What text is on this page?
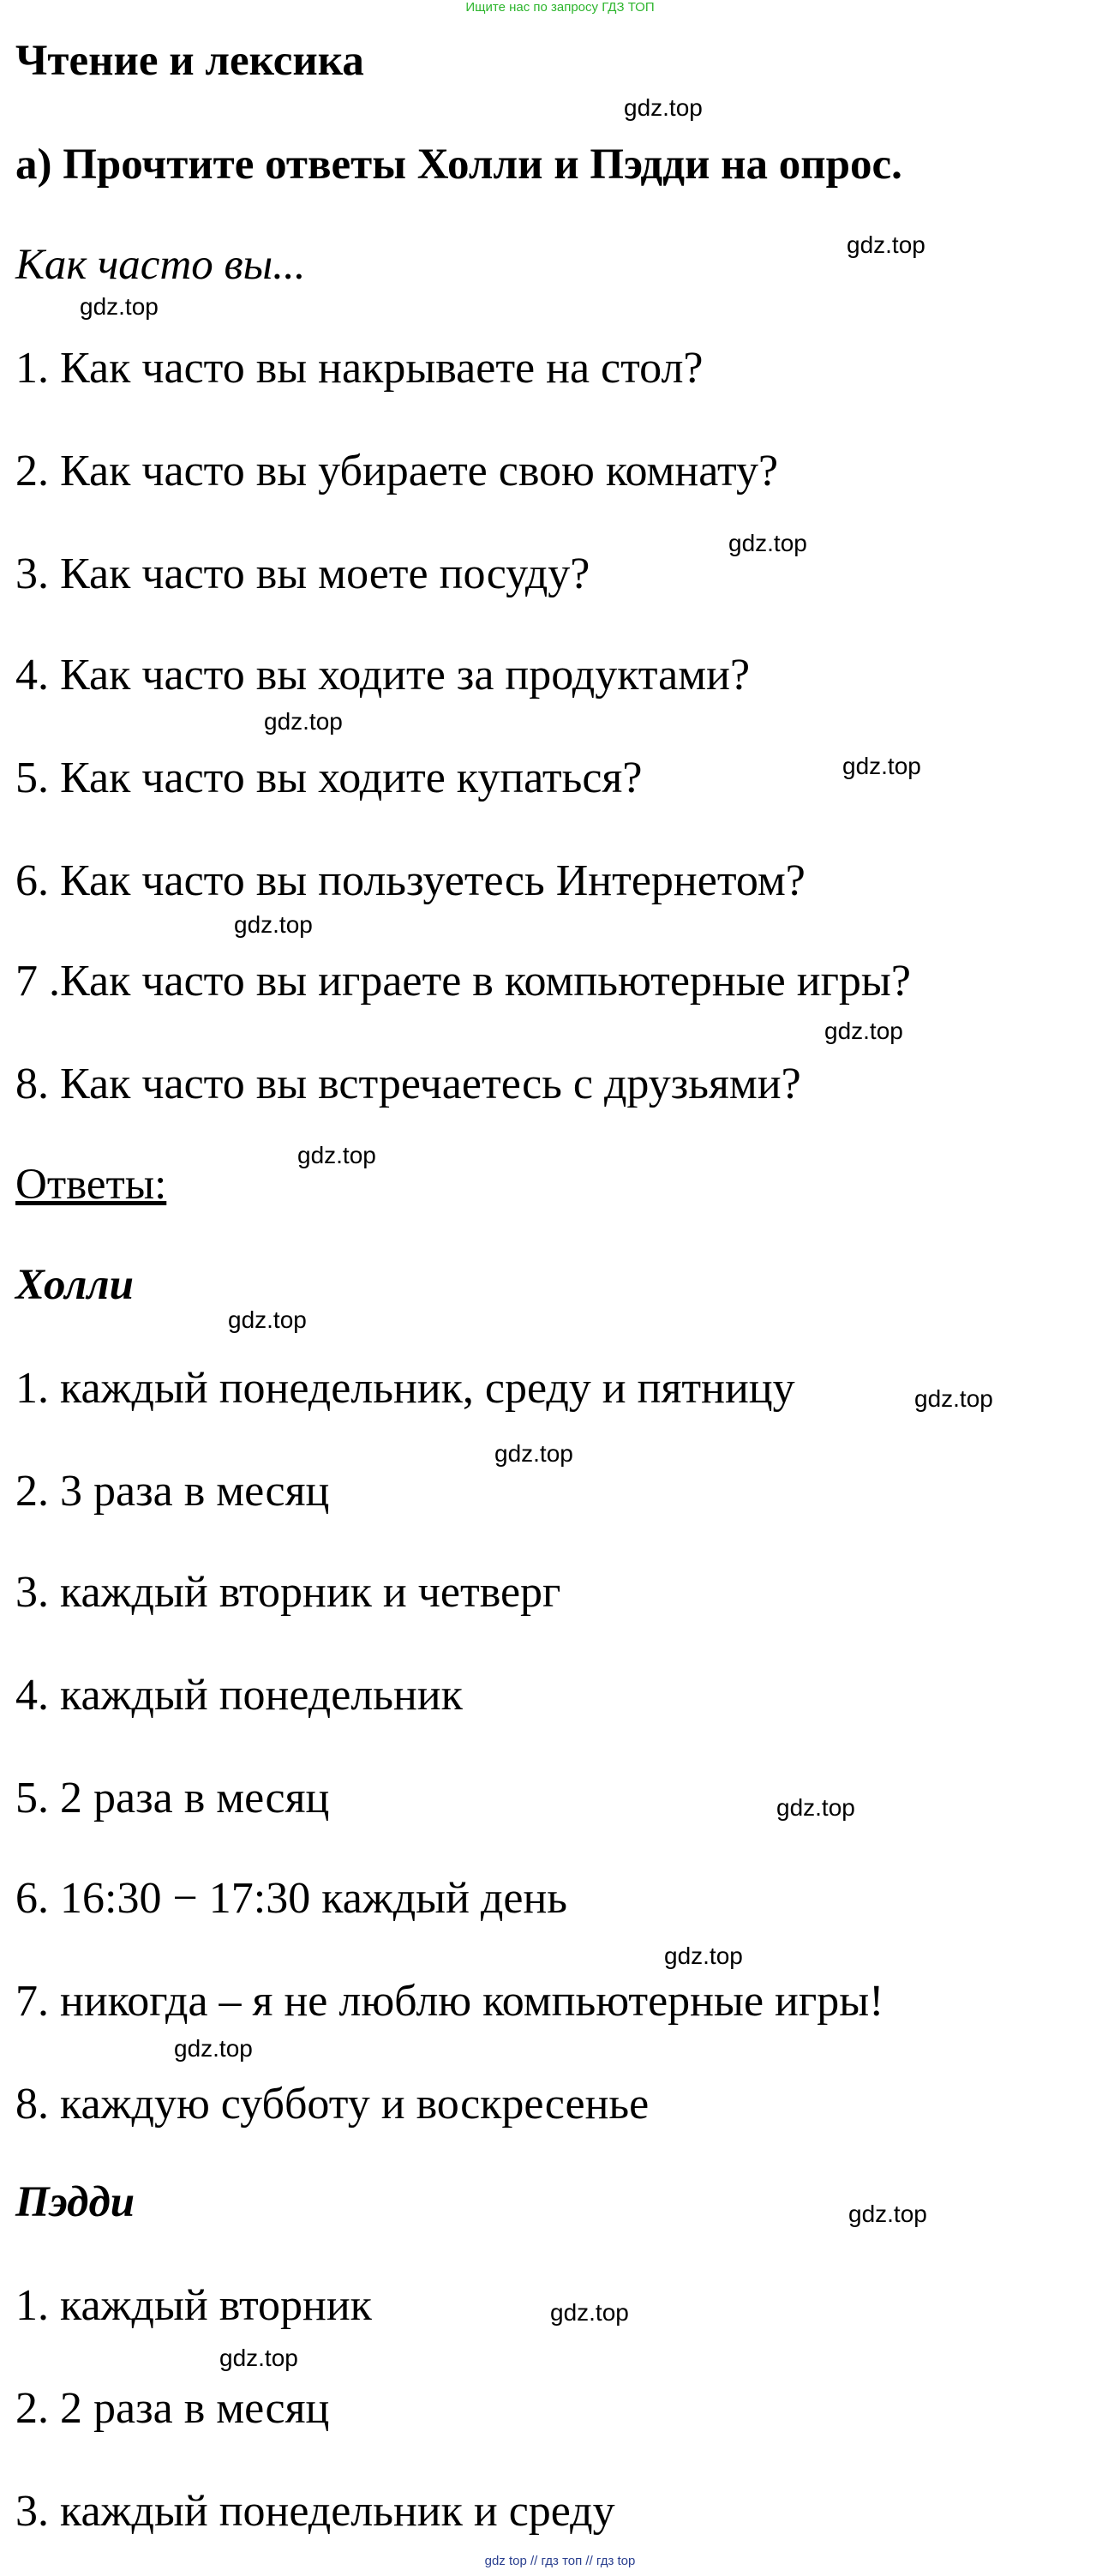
Ищите нас по запросу ГДЗ ТОП
Чтение и лексика
a) Прочтите ответы Холли и Пэдди на опрос.
Как часто вы...
1. Как часто вы накрываете на стол?
2. Как часто вы убираете свою комнату?
3. Как часто вы моете посуду?
4. Как часто вы ходите за продуктами?
5. Как часто вы ходите купаться?
6. Как часто вы пользуетесь Интернетом?
7 .Как часто вы играете в компьютерные игры?
8. Как часто вы встречаетесь с друзьями?
Ответы:
Холли
1. каждый понедельник, среду и пятницу
2. 3 раза в месяц
3. каждый вторник и четверг
4. каждый понедельник
5. 2 раза в месяц
6. 16:30 − 17:30 каждый день
7. никогда – я не люблю компьютерные игры!
8. каждую субботу и воскресенье
Пэдди
1. каждый вторник
2. 2 раза в месяц
3. каждый понедельник и среду
gdz.top
gdz.top
gdz.top
gdz.top
gdz.top
gdz.top
gdz.top
gdz.top
gdz.top
gdz.top
gdz.top
gdz.top
gdz.top
gdz.top
gdz.top
gdz.top
gdz.top
gdz.top
gdz top // гдз топ // гдз top
